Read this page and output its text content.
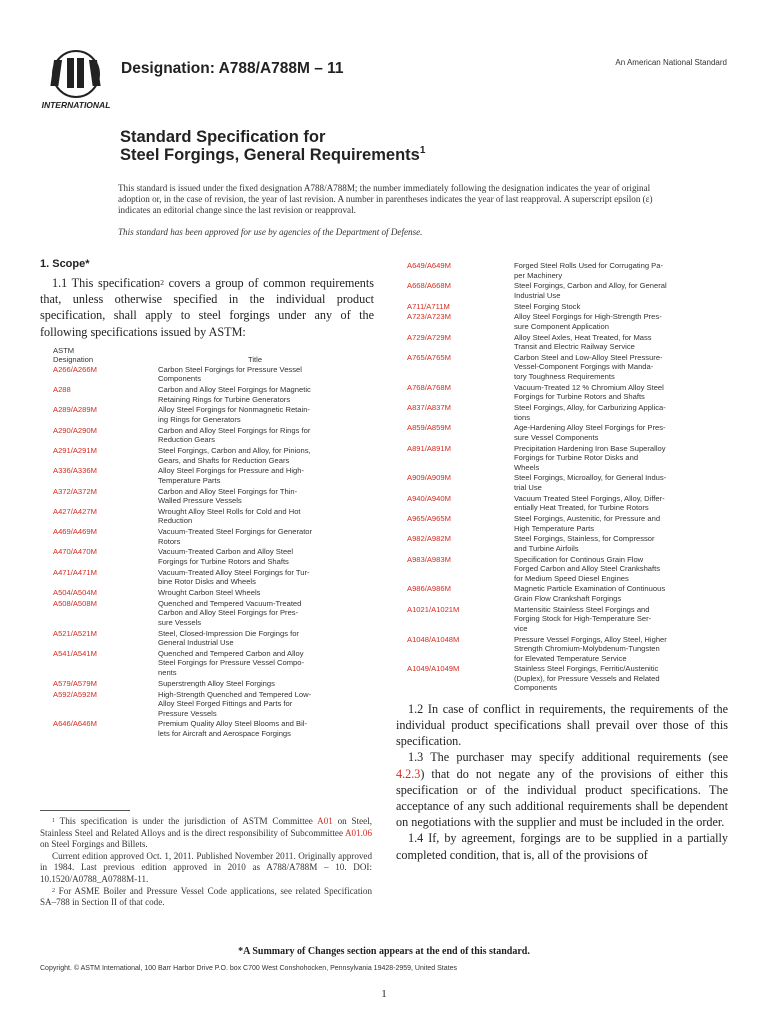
INTERNATIONAL
Designation: A788/A788M – 11	An American National Standard
Standard Specification for
Steel Forgings, General Requirements$^1$
This standard is issued under the fixed designation A788/A788M; the number immediately following the designation indicates the year of original adoption or, in the case of revision, the year of last revision. A number in parentheses indicates the year of last reapproval. A superscript epsilon (ε) indicates an editorial change since the last revision or reapproval.
This standard has been approved for use by agencies of the Department of Defense.
1. Scope*

1.1 This specification$^2$ covers a group of common requirements that, unless otherwise specified in the individual product specification, shall apply to steel forgings under any of the following specifications issued by ASTM:

ASTM
Designation	Title
A266/A266M	Carbon Steel Forgings for Pressure Vessel
Components
A288	Carbon and Alloy Steel Forgings for Magnetic
Retaining Rings for Turbine Generators
A289/A289M	Alloy Steel Forgings for Nonmagnetic Retain-
ing Rings for Generators
A290/A290M	Carbon and Alloy Steel Forgings for Rings for
Reduction Gears
A291/A291M	Steel Forgings, Carbon and Alloy, for Pinions,
Gears, and Shafts for Reduction Gears
A336/A336M	Alloy Steel Forgings for Pressure and High-
Temperature Parts
A372/A372M	Carbon and Alloy Steel Forgings for Thin-
Walled Pressure Vessels
A427/A427M	Wrought Alloy Steel Rolls for Cold and Hot
Reduction
A469/A469M	Vacuum-Treated Steel Forgings for Generator
Rotors
A470/A470M	Vacuum-Treated Carbon and Alloy Steel
Forgings for Turbine Rotors and Shafts
A471/A471M	Vacuum-Treated Alloy Steel Forgings for Tur-
bine Rotor Disks and Wheels
A504/A504M	Wrought Carbon Steel Wheels
A508/A508M	Quenched and Tempered Vacuum-Treated
Carbon and Alloy Steel Forgings for Pres-
sure Vessels
A521/A521M	Steel, Closed-Impression Die Forgings for
General Industrial Use
A541/A541M	Quenched and Tempered Carbon and Alloy
Steel Forgings for Pressure Vessel Compo-
nents
A579/A579M	Superstrength Alloy Steel Forgings
A592/A592M	High-Strength Quenched and Tempered Low-
Alloy Steel Forged Fittings and Parts for
Pressure Vessels
A646/A646M	Premium Quality Alloy Steel Blooms and Bil-
lets for Aircraft and Aerospace Forgings
A649/A649M	Forged Steel Rolls Used for Corrugating Pa-
per Machinery
A668/A668M	Steel Forgings, Carbon and Alloy, for General
Industrial Use
A711/A711M	Steel Forging Stock
A723/A723M	Alloy Steel Forgings for High-Strength Pres-
sure Component Application
A729/A729M	Alloy Steel Axles, Heat Treated, for Mass
Transit and Electric Railway Service
A765/A765M	Carbon Steel and Low-Alloy Steel Pressure-
Vessel-Component Forgings with Manda-
tory Toughness Requirements
A768/A768M	Vacuum-Treated 12 % Chromium Alloy Steel
Forgings for Turbine Rotors and Shafts
A837/A837M	Steel Forgings, Alloy, for Carburizing Applica-
tions
A859/A859M	Age-Hardening Alloy Steel Forgings for Pres-
sure Vessel Components
A891/A891M	Precipitation Hardening Iron Base Superalloy
Forgings for Turbine Rotor Disks and
Wheels
A909/A909M	Steel Forgings, Microalloy, for General Indus-
trial Use
A940/A940M	Vacuum Treated Steel Forgings, Alloy, Differ-
entially Heat Treated, for Turbine Rotors
A965/A965M	Steel Forgings, Austenitic, for Pressure and
High Temperature Parts
A982/A982M	Steel Forgings, Stainless, for Compressor
and Turbine Airfoils
A983/A983M	Specification for Continous Grain Flow
Forged Carbon and Alloy Steel Crankshafts
for Medium Speed Diesel Engines
A986/A986M	Magnetic Particle Examination of Continuous
Grain Flow Crankshaft Forgings
A1021/A1021M	Martensitic Stainless Steel Forgings and
Forging Stock for High-Temperature Ser-
vice
A1048/A1048M	Pressure Vessel Forgings, Alloy Steel, Higher
Strength Chromium-Molybdenum-Tungsten
for Elevated Temperature Service
A1049/A1049M	Stainless Steel Forgings, Ferritic/Austenitic
(Duplex), for Pressure Vessels and Related
Components

1.2 In case of conflict in requirements, the requirements of the individual product specifications shall prevail over those of this specification.

1.3 The purchaser may specify additional requirements (see 4.2.3) that do not negate any of the provisions of either this specification or of the individual product specifications. The acceptance of any such additional requirements shall be dependent on negotiations with the supplier and must be included in the order.

1.4 If, by agreement, forgings are to be supplied in a partially completed condition, that is, all of the provisions of

$^1$ This specification is under the jurisdiction of ASTM Committee A01 on Steel, Stainless Steel and Related Alloys and is the direct responsibility of Subcommittee A01.06 on Steel Forgings and Billets.

Current edition approved Oct. 1, 2011. Published November 2011. Originally approved in 1984. Last previous edition approved in 2010 as A788/A788M – 10. DOI: 10.1520/A0788_A0788M-11.

$^2$ For ASME Boiler and Pressure Vessel Code applications, see related Specification SA–788 in Section II of that code.

*A Summary of Changes section appears at the end of this standard.
Copyright. © ASTM International, 100 Barr Harbor Drive P.O. box C700 West Conshohocken, Pennsylvania 19428-2959, United States
1
